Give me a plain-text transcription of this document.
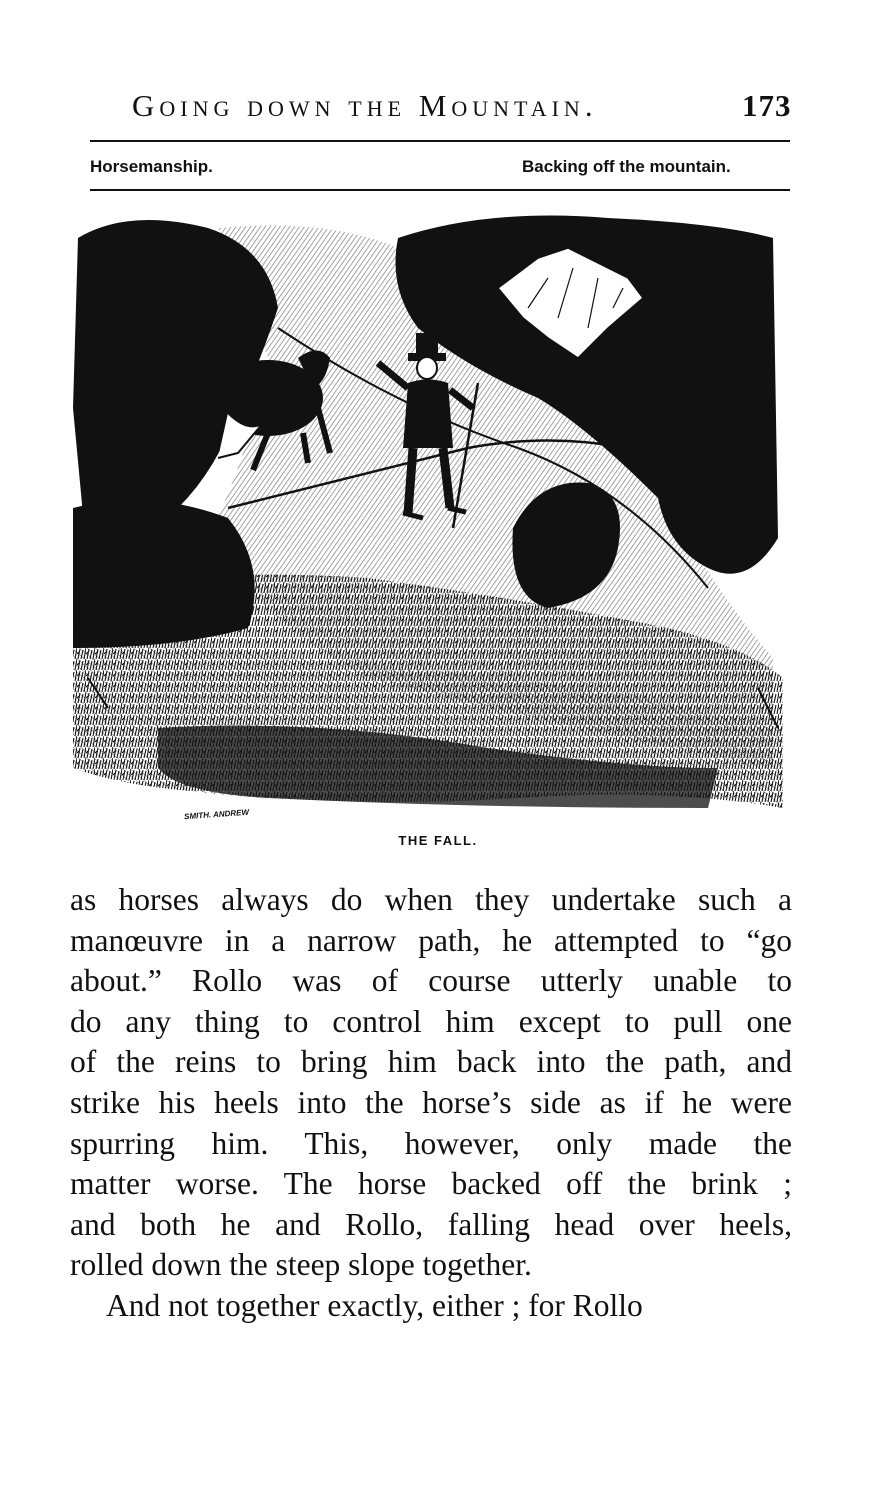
Going down the Mountain.	173
Horsemanship.	Backing off the mountain.
SMITH. ANDREW
THE FALL.
as horses always do when they undertake such a
manœuvre in a narrow path, he attempted to “go
about.” Rollo was of course utterly unable to
do any thing to control him except to pull one
of the reins to bring him back into the path, and
strike his heels into the horse’s side as if he were
spurring him. This, however, only made the
matter worse. The horse backed off the brink ;
and both he and Rollo, falling head over heels,
rolled down the steep slope together.
And not together exactly, either ; for Rollo
